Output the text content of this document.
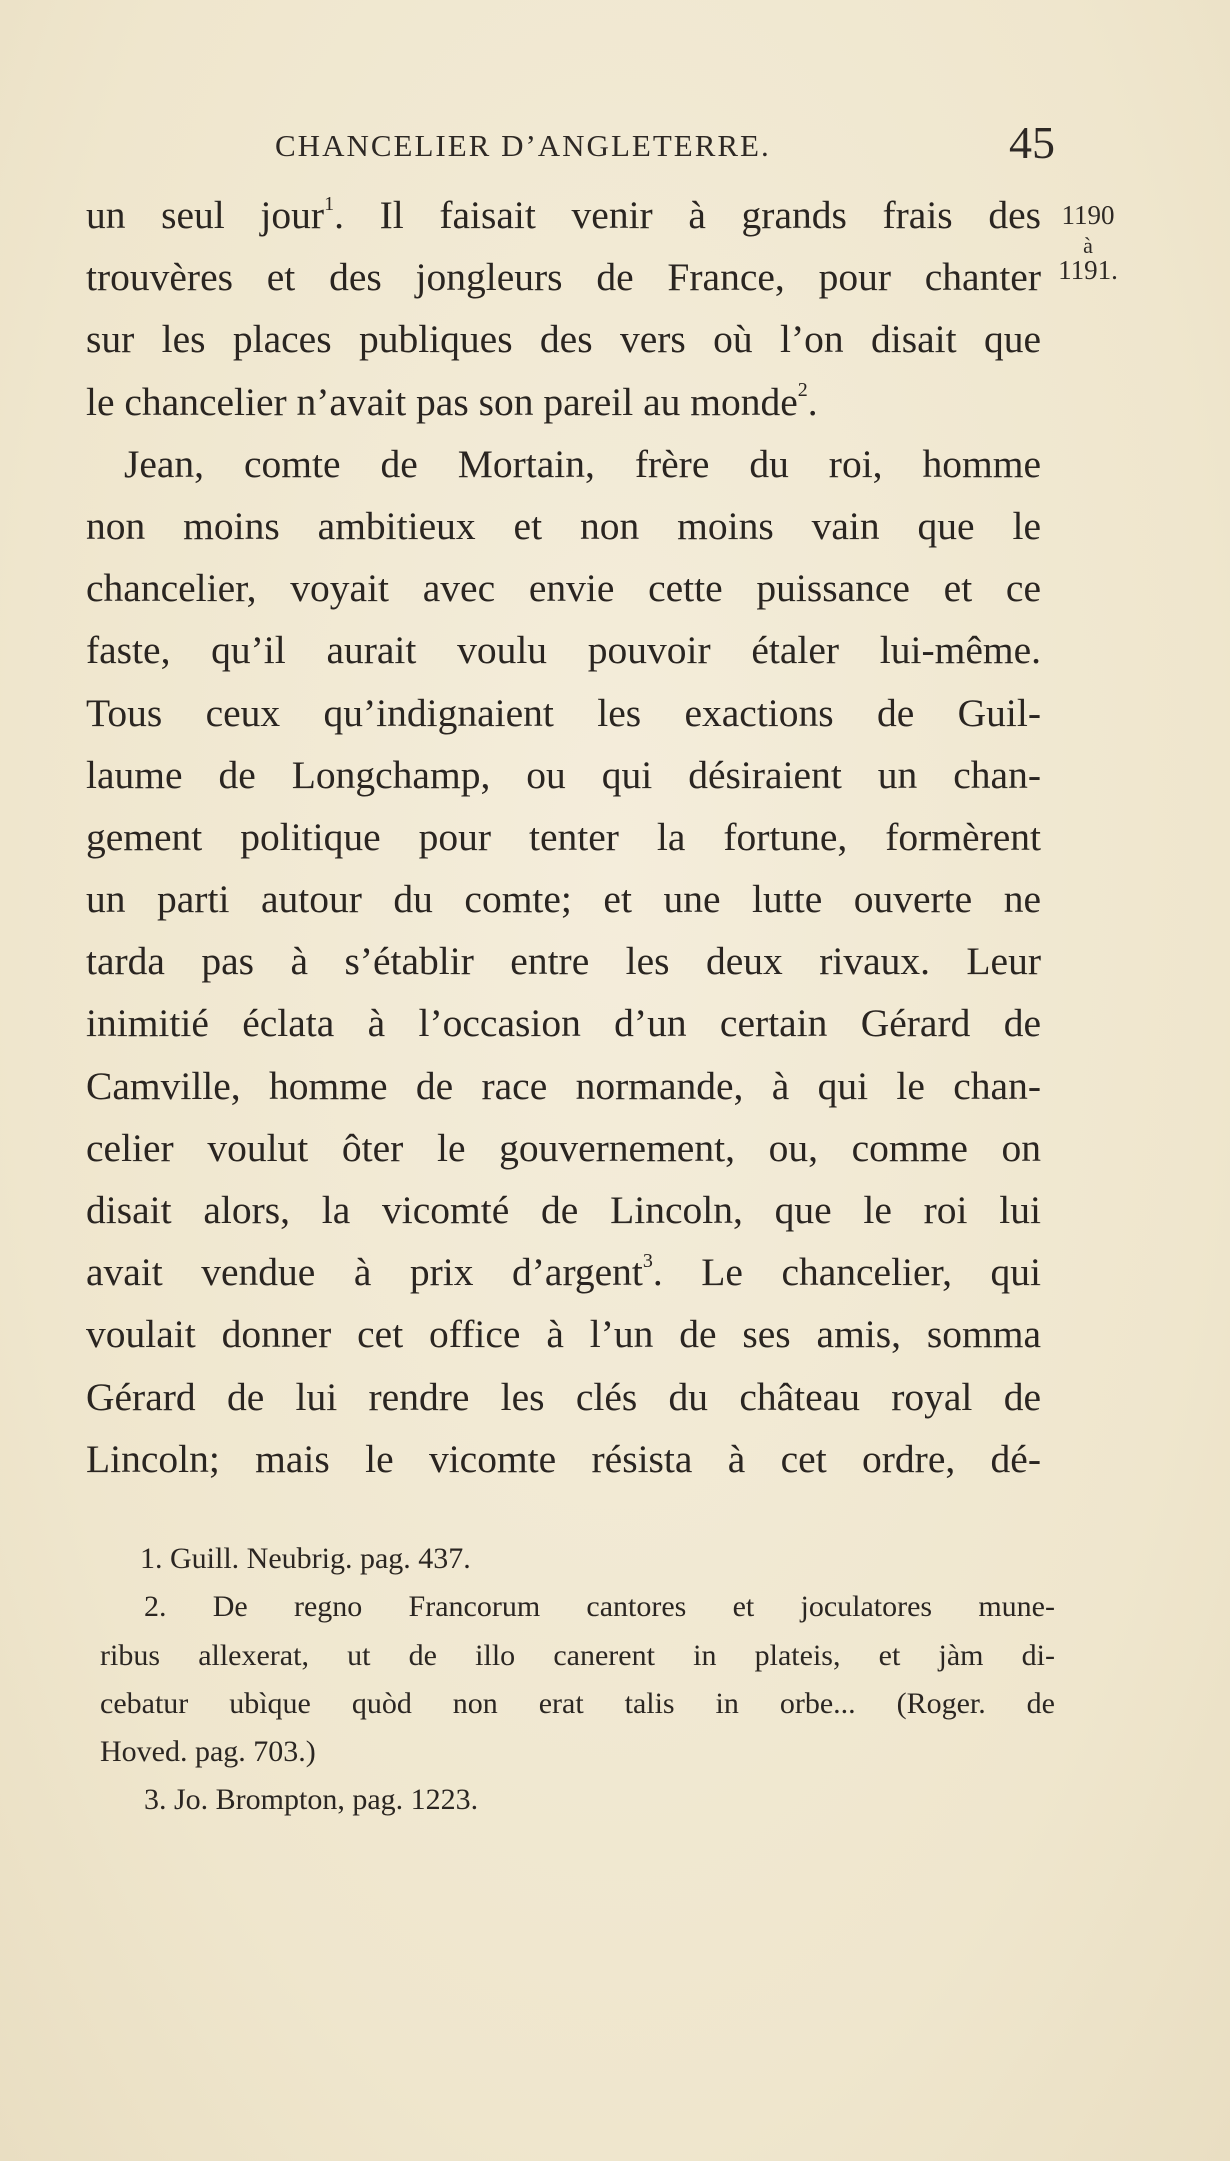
CHANCELIER D’ANGLETERRE.	45
1190
à
1191.
un seul jour$^1$. Il faisait venir à grands frais des
trouvères et des jongleurs de France, pour chanter
sur les places publiques des vers où l’on disait que
le chancelier n’avait pas son pareil au monde$^2$.
Jean, comte de Mortain, frère du roi, homme
non moins ambitieux et non moins vain que le
chancelier, voyait avec envie cette puissance et ce
faste, qu’il aurait voulu pouvoir étaler lui-même.
Tous ceux qu’indignaient les exactions de Guil-
laume de Longchamp, ou qui désiraient un chan-
gement politique pour tenter la fortune, formèrent
un parti autour du comte; et une lutte ouverte ne
tarda pas à s’établir entre les deux rivaux. Leur
inimitié éclata à l’occasion d’un certain Gérard de
Camville, homme de race normande, à qui le chan-
celier voulut ôter le gouvernement, ou, comme on
disait alors, la vicomté de Lincoln, que le roi lui
avait vendue à prix d’argent$^3$. Le chancelier, qui
voulait donner cet office à l’un de ses amis, somma
Gérard de lui rendre les clés du château royal de
Lincoln; mais le vicomte résista à cet ordre, dé-
1. Guill. Neubrig. pag. 437.
2. De regno Francorum cantores et joculatores mune-
ribus allexerat, ut de illo canerent in plateis, et jàm di-
cebatur ubìque quòd non erat talis in orbe... (Roger. de
Hoved. pag. 703.)
3. Jo. Brompton, pag. 1223.
